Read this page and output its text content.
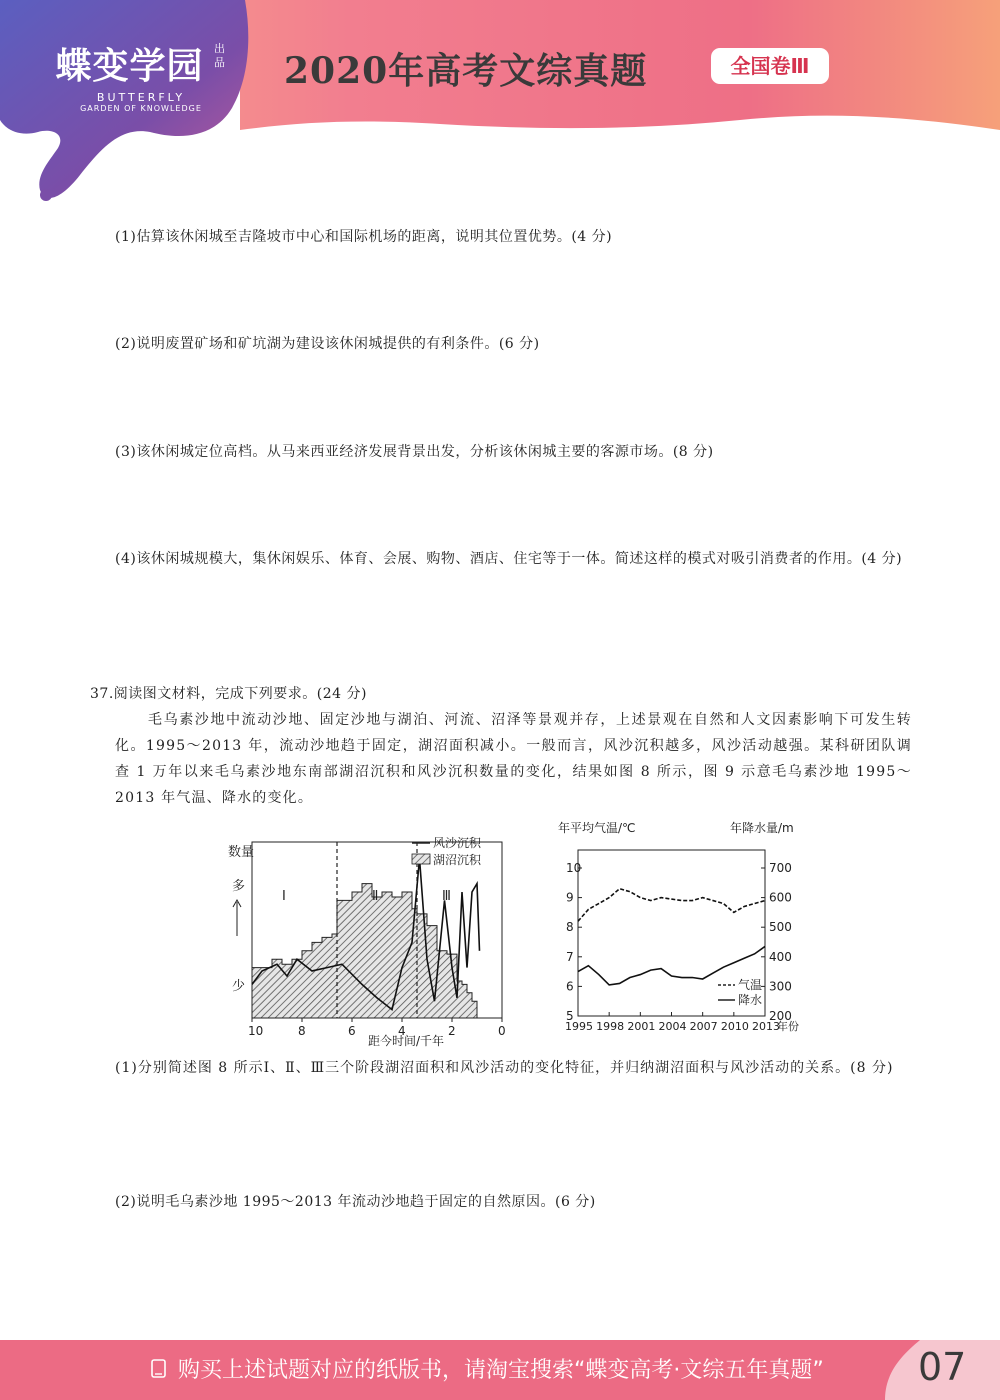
蝶变学园 出品
BUTTERFLY
GARDEN OF KNOWLEDGE
2020年高考文综真题	全国卷Ⅲ
(1)估算该休闲城至吉隆坡市中心和国际机场的距离，说明其位置优势。(4 分)
(2)说明废置矿场和矿坑湖为建设该休闲城提供的有利条件。(6 分)
(3)该休闲城定位高档。从马来西亚经济发展背景出发，分析该休闲城主要的客源市场。(8 分)
(4)该休闲城规模大，集休闲娱乐、体育、会展、购物、酒店、住宅等于一体。简述这样的模式对吸引消费者的作用。(4 分)
37.阅读图文材料，完成下列要求。(24 分)
毛乌素沙地中流动沙地、固定沙地与湖泊、河流、沼泽等景观并存，上述景观在自然和人文因素影响下可发生转化。1995～2013 年，流动沙地趋于固定，湖沼面积减小。一般而言，风沙沉积越多，风沙活动越强。某科研团队调查 1 万年以来毛乌素沙地东南部湖沼沉积和风沙沉积数量的变化，结果如图 8 所示，图 9 示意毛乌素沙地 1995～2013 年气温、降水的变化。
Ⅰ	Ⅱ	Ⅲ
10	8	6	4	2	0
数量
多
少
风沙沉积
湖沼沉积
距今时间/千年
5
6
7
8
9
10
200
300
400
500
600
700
1995 1998 2001 2004 2007 2010 2013
年平均气温/℃	年降水量/m
气温
降水
年份
(1)分别简述图 8 所示Ⅰ、Ⅱ、Ⅲ三个阶段湖沼面积和风沙活动的变化特征，并归纳湖沼面积与风沙活动的关系。(8 分)
(2)说明毛乌素沙地 1995～2013 年流动沙地趋于固定的自然原因。(6 分)
购买上述试题对应的纸版书，请淘宝搜索“蝶变高考·文综五年真题” 07
